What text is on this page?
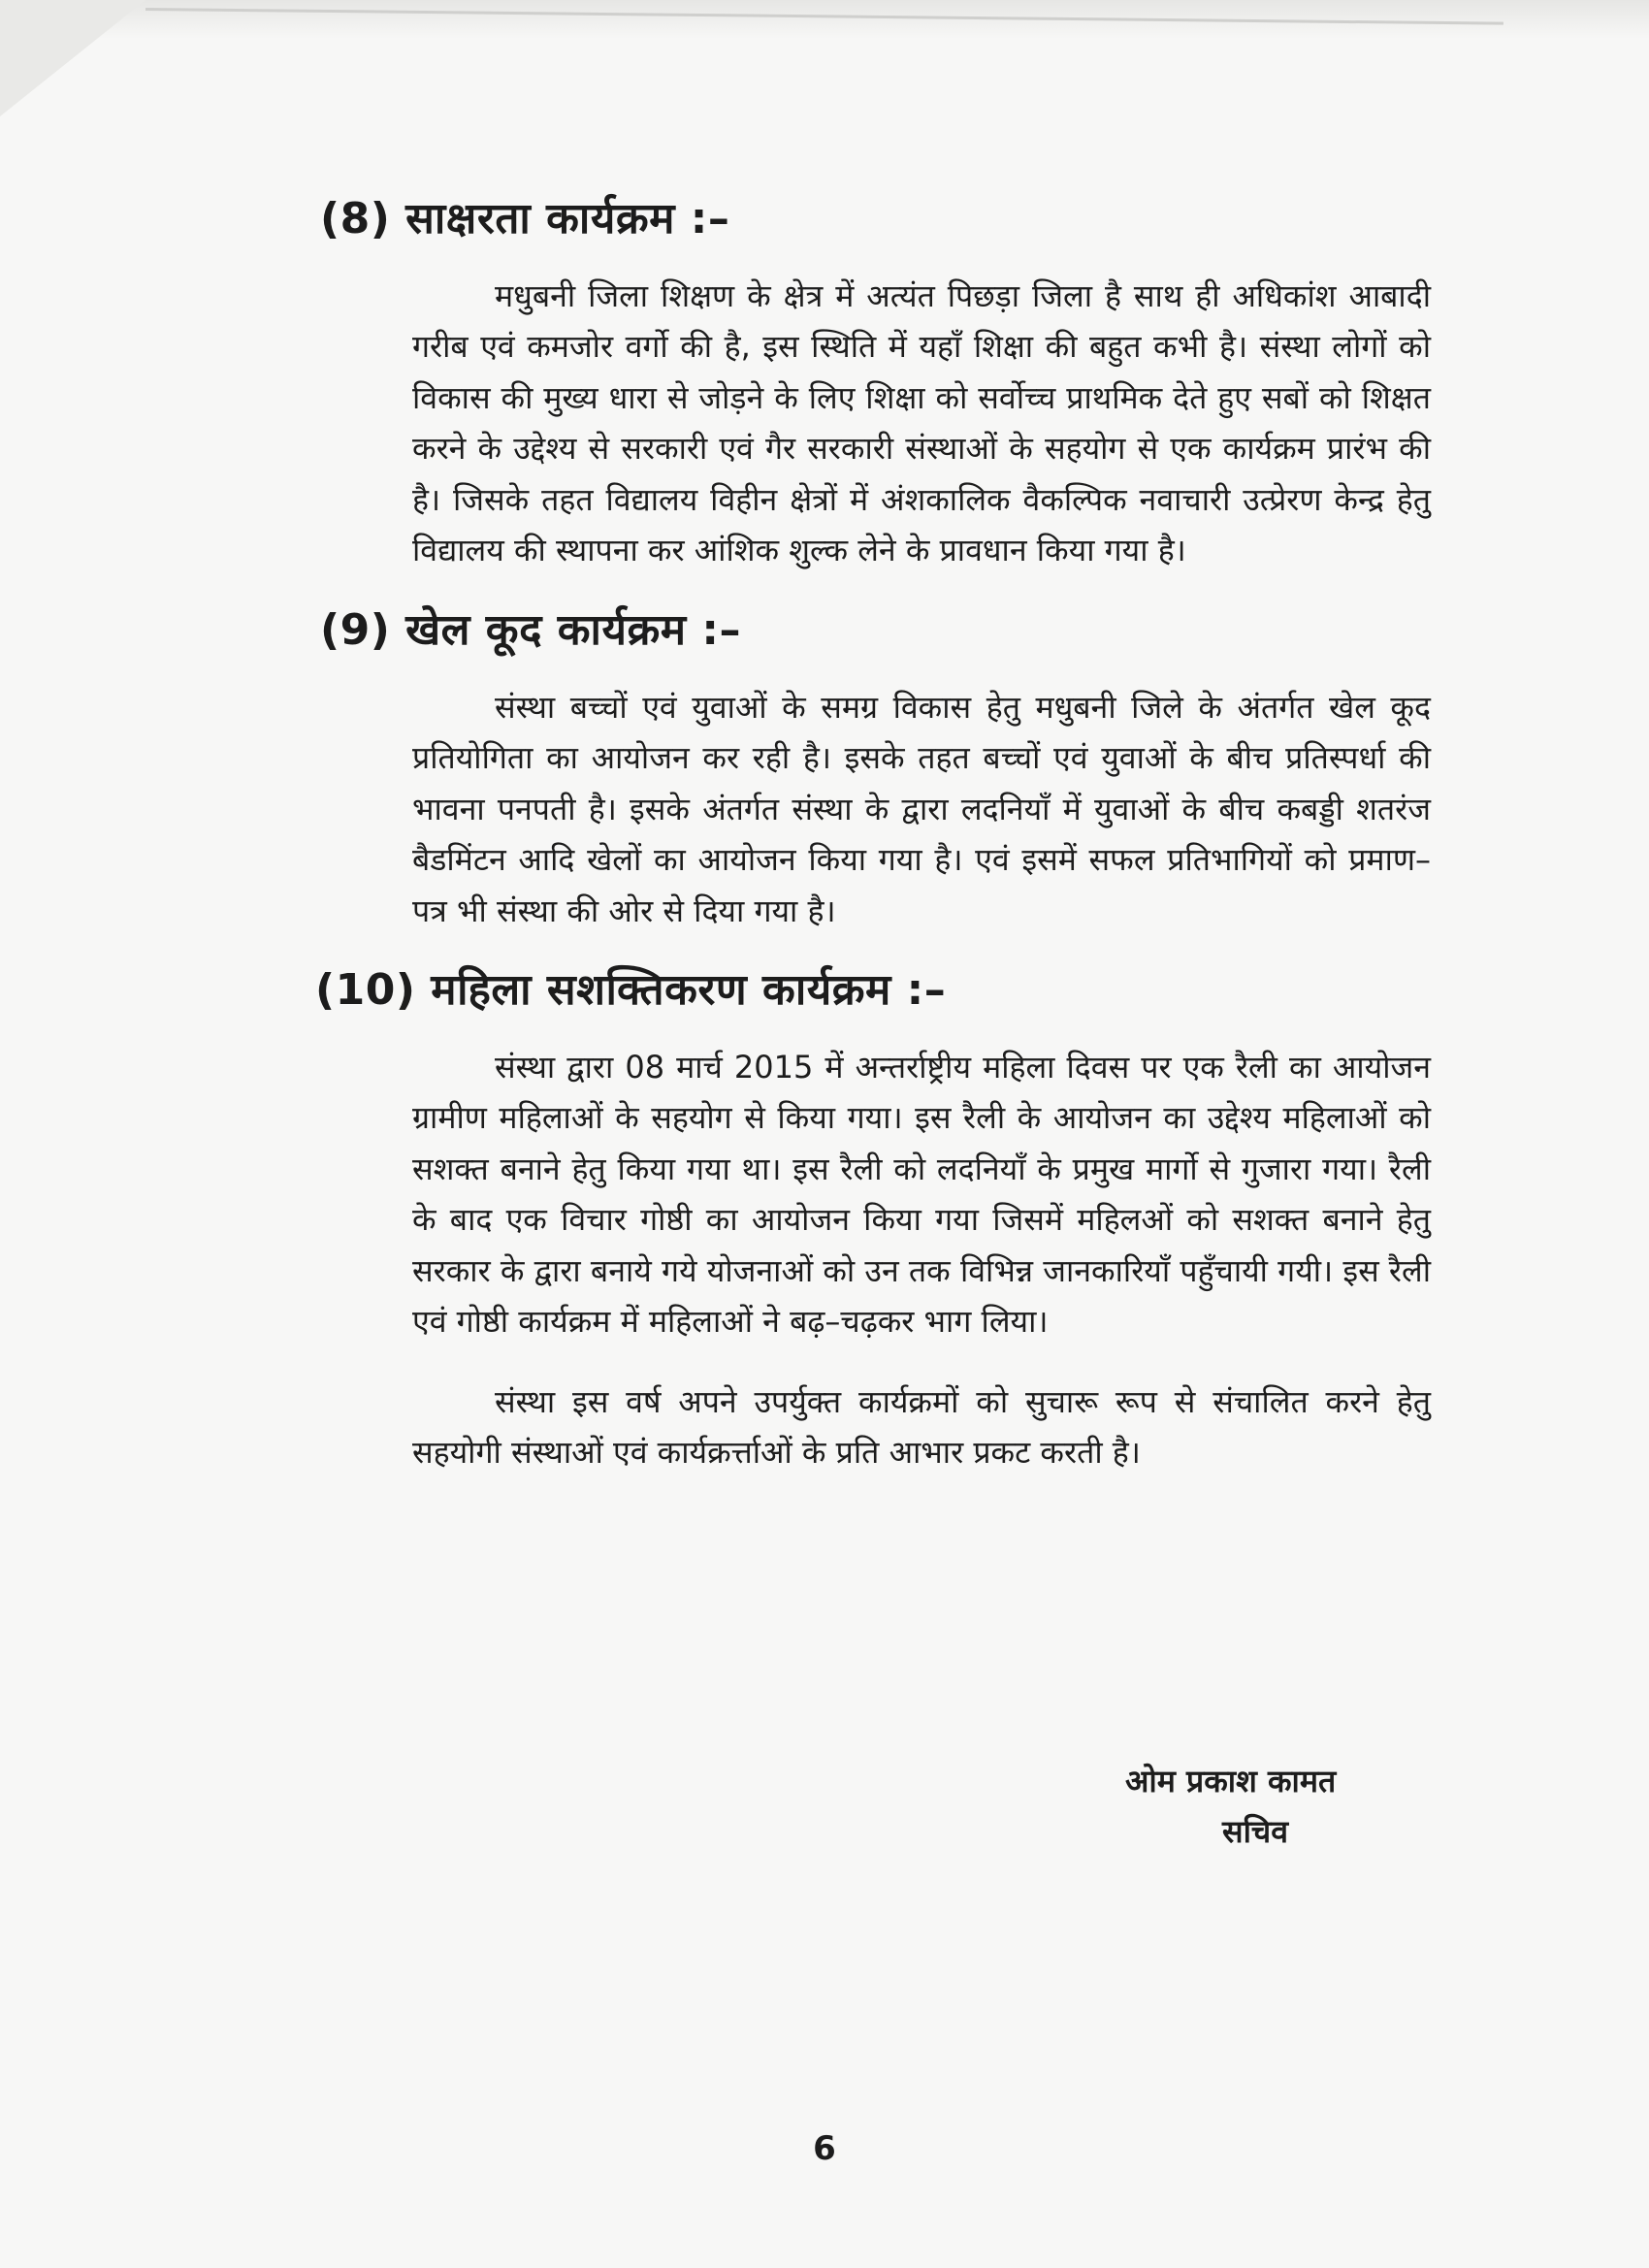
(8) साक्षरता कार्यक्रम :–

मधुबनी जिला शिक्षण के क्षेत्र में अत्यंत पिछड़ा जिला है साथ ही अधिकांश आबादी गरीब एवं कमजोर वर्गो की है, इस स्थिति में यहाँ शिक्षा की बहुत कभी है। संस्था लोगों को विकास की मुख्य धारा से जोड़ने के लिए शिक्षा को सर्वोच्च प्राथमिक देते हुए सबों को शिक्षत करने के उद्देश्य से सरकारी एवं गैर सरकारी संस्थाओं के सहयोग से एक कार्यक्रम प्रारंभ की है। जिसके तहत विद्यालय विहीन क्षेत्रों में अंशकालिक वैकल्पिक नवाचारी उत्प्रेरण केन्द्र हेतु विद्यालय की स्थापना कर आंशिक शुल्क लेने के प्रावधान किया गया है।

(9) खेल कूद कार्यक्रम :–

संस्था बच्चों एवं युवाओं के समग्र विकास हेतु मधुबनी जिले के अंतर्गत खेल कूद प्रतियोगिता का आयोजन कर रही है। इसके तहत बच्चों एवं युवाओं के बीच प्रतिस्पर्धा की भावना पनपती है। इसके अंतर्गत संस्था के द्वारा लदनियाँ में युवाओं के बीच कबड्डी शतरंज बैडमिंटन आदि खेलों का आयोजन किया गया है। एवं इसमें सफल प्रतिभागियों को प्रमाण–पत्र भी संस्था की ओर से दिया गया है।

(10) महिला सशक्तिकरण कार्यक्रम :–

संस्था द्वारा 08 मार्च 2015 में अन्तर्राष्ट्रीय महिला दिवस पर एक रैली का आयोजन ग्रामीण महिलाओं के सहयोग से किया गया। इस रैली के आयोजन का उद्देश्य महिलाओं को सशक्त बनाने हेतु किया गया था। इस रैली को लदनियाँ के प्रमुख मार्गो से गुजारा गया। रैली के बाद एक विचार गोष्ठी का आयोजन किया गया जिसमें महिलओं को सशक्त बनाने हेतु सरकार के द्वारा बनाये गये योजनाओं को उन तक विभिन्न जानकारियाँ पहुँचायी गयी। इस रैली एवं गोष्ठी कार्यक्रम में महिलाओं ने बढ़–चढ़कर भाग लिया।

संस्था इस वर्ष अपने उपर्युक्त कार्यक्रमों को सुचारू रूप से संचालित करने हेतु सहयोगी संस्थाओं एवं कार्यक्रर्त्ताओं के प्रति आभार प्रकट करती है।

ओम प्रकाश कामत
सचिव
6
